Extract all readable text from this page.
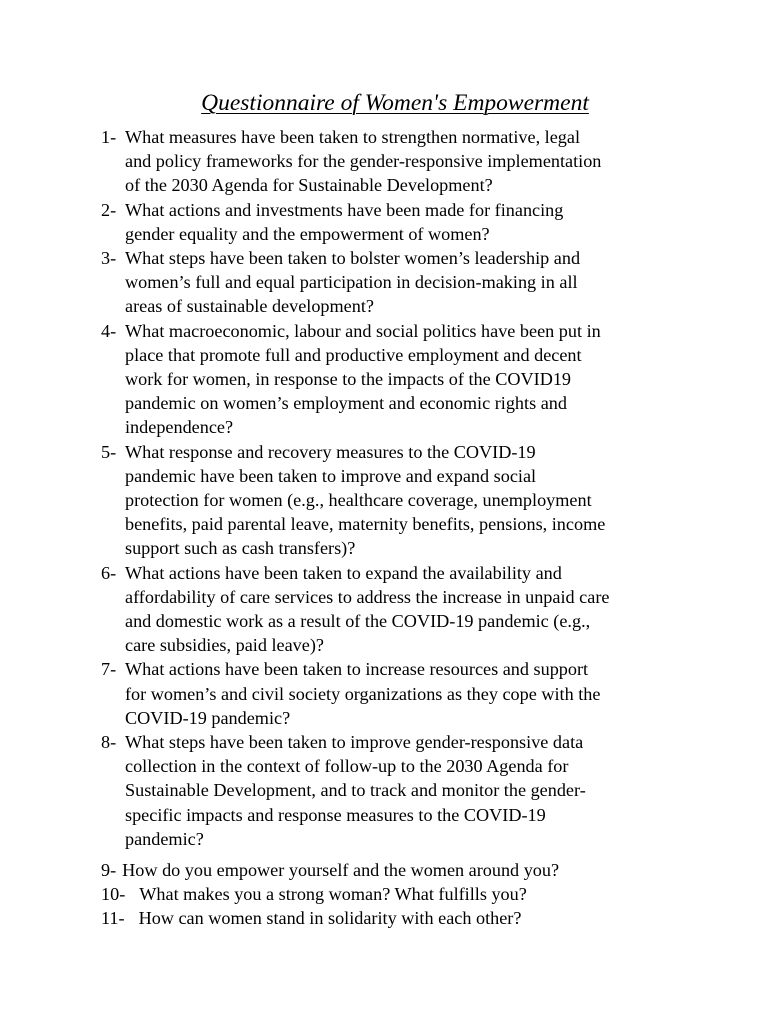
Questionnaire of Women's Empowerment
1- What measures have been taken to strengthen normative, legal
and policy frameworks for the gender-responsive implementation
of the 2030 Agenda for Sustainable Development?
2- What actions and investments have been made for financing
gender equality and the empowerment of women?
3- What steps have been taken to bolster women’s leadership and
women’s full and equal participation in decision-making in all
areas of sustainable development?
4- What macroeconomic, labour and social politics have been put in
place that promote full and productive employment and decent
work for women, in response to the impacts of the COVID19
pandemic on women’s employment and economic rights and
independence?
5- What response and recovery measures to the COVID-19
pandemic have been taken to improve and expand social
protection for women (e.g., healthcare coverage, unemployment
benefits, paid parental leave, maternity benefits, pensions, income
support such as cash transfers)?
6- What actions have been taken to expand the availability and
affordability of care services to address the increase in unpaid care
and domestic work as a result of the COVID-19 pandemic (e.g.,
care subsidies, paid leave)?
7- What actions have been taken to increase resources and support
for women’s and civil society organizations as they cope with the
COVID-19 pandemic?
8- What steps have been taken to improve gender-responsive data
collection in the context of follow-up to the 2030 Agenda for
Sustainable Development, and to track and monitor the gender-
specific impacts and response measures to the COVID-19
pandemic?
9- How do you empower yourself and the women around you?
10- What makes you a strong woman? What fulfills you?
11- How can women stand in solidarity with each other?
